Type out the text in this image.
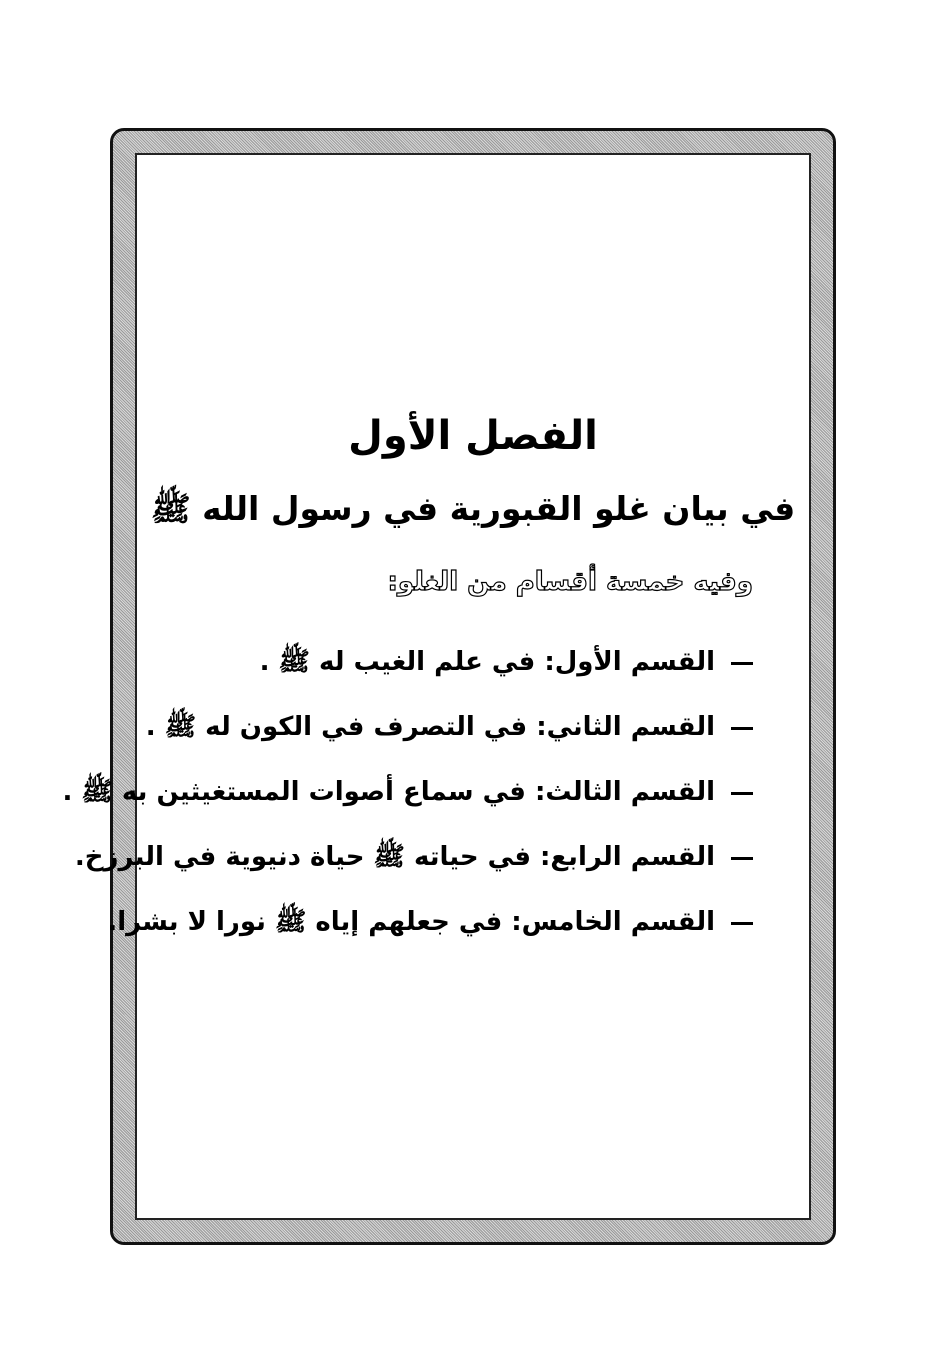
الفصل الأول
في بيان غلو القبورية في رسول الله ﷺ
وفيه خمسة أقسام من الغلو:
القسم الأول: في علم الغيب له ﷺ .
القسم الثاني: في التصرف في الكون له ﷺ .
القسم الثالث: في سماع أصوات المستغيثين به ﷺ .
القسم الرابع: في حياته ﷺ حياة دنيوية في البرزخ.
القسم الخامس: في جعلهم إياه ﷺ نورا لا بشرا.
